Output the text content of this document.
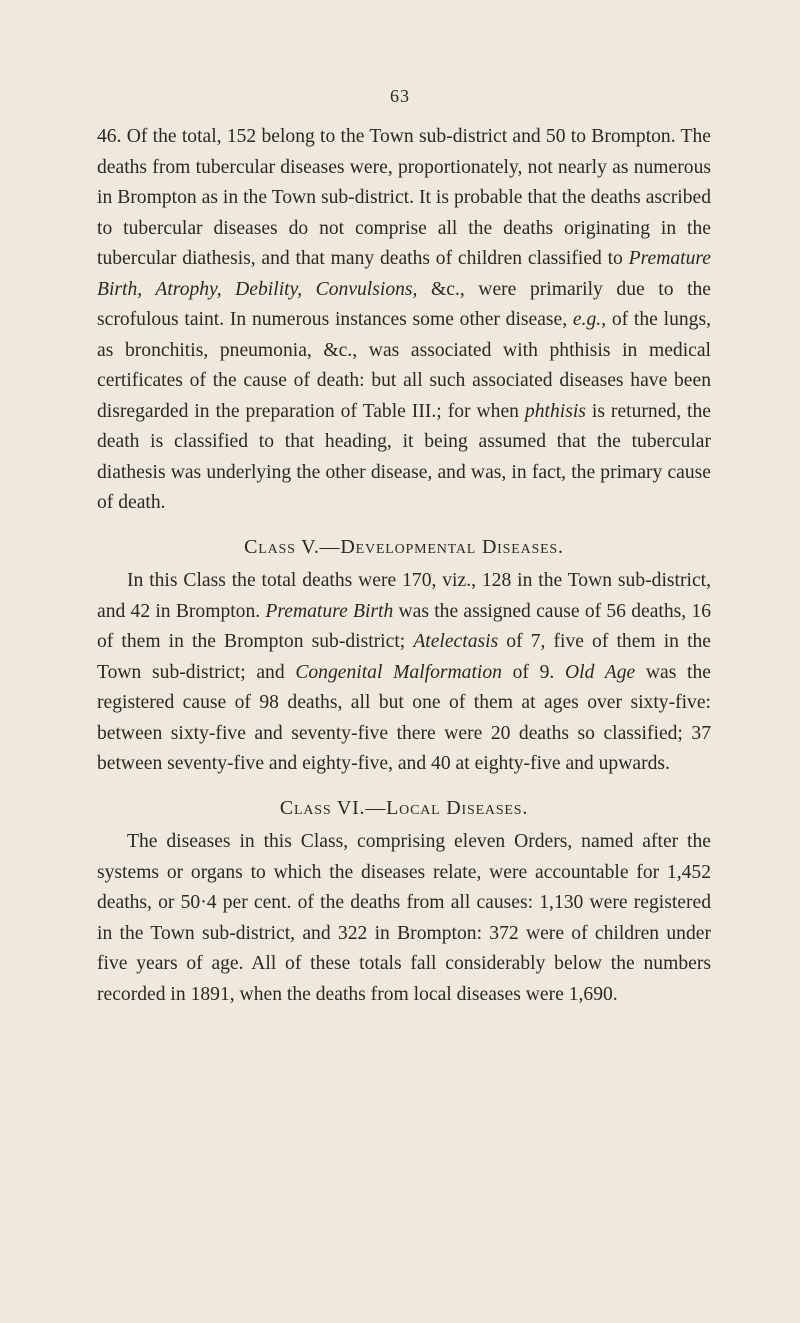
63

46. Of the total, 152 belong to the Town sub-district and 50 to Brompton. The deaths from tubercular diseases were, proportionately, not nearly as numerous in Brompton as in the Town sub-district. It is probable that the deaths ascribed to tubercular diseases do not comprise all the deaths originating in the tubercular diathesis, and that many deaths of children classified to Premature Birth, Atrophy, Debility, Convulsions, &c., were primarily due to the scrofulous taint. In numerous instances some other disease, e.g., of the lungs, as bronchitis, pneumonia, &c., was associated with phthisis in medical certificates of the cause of death: but all such associated diseases have been disregarded in the preparation of Table III.; for when phthisis is returned, the death is classified to that heading, it being assumed that the tubercular diathesis was underlying the other disease, and was, in fact, the primary cause of death.

Class V.—Developmental Diseases.

In this Class the total deaths were 170, viz., 128 in the Town sub-district, and 42 in Brompton. Premature Birth was the assigned cause of 56 deaths, 16 of them in the Brompton sub-district; Atelectasis of 7, five of them in the Town sub-district; and Congenital Malformation of 9. Old Age was the registered cause of 98 deaths, all but one of them at ages over sixty-five: between sixty-five and seventy-five there were 20 deaths so classified; 37 between seventy-five and eighty-five, and 40 at eighty-five and upwards.

Class VI.—Local Diseases.

The diseases in this Class, comprising eleven Orders, named after the systems or organs to which the diseases relate, were accountable for 1,452 deaths, or 50·4 per cent. of the deaths from all causes: 1,130 were registered in the Town sub-district, and 322 in Brompton: 372 were of children under five years of age. All of these totals fall considerably below the numbers recorded in 1891, when the deaths from local diseases were 1,690.
